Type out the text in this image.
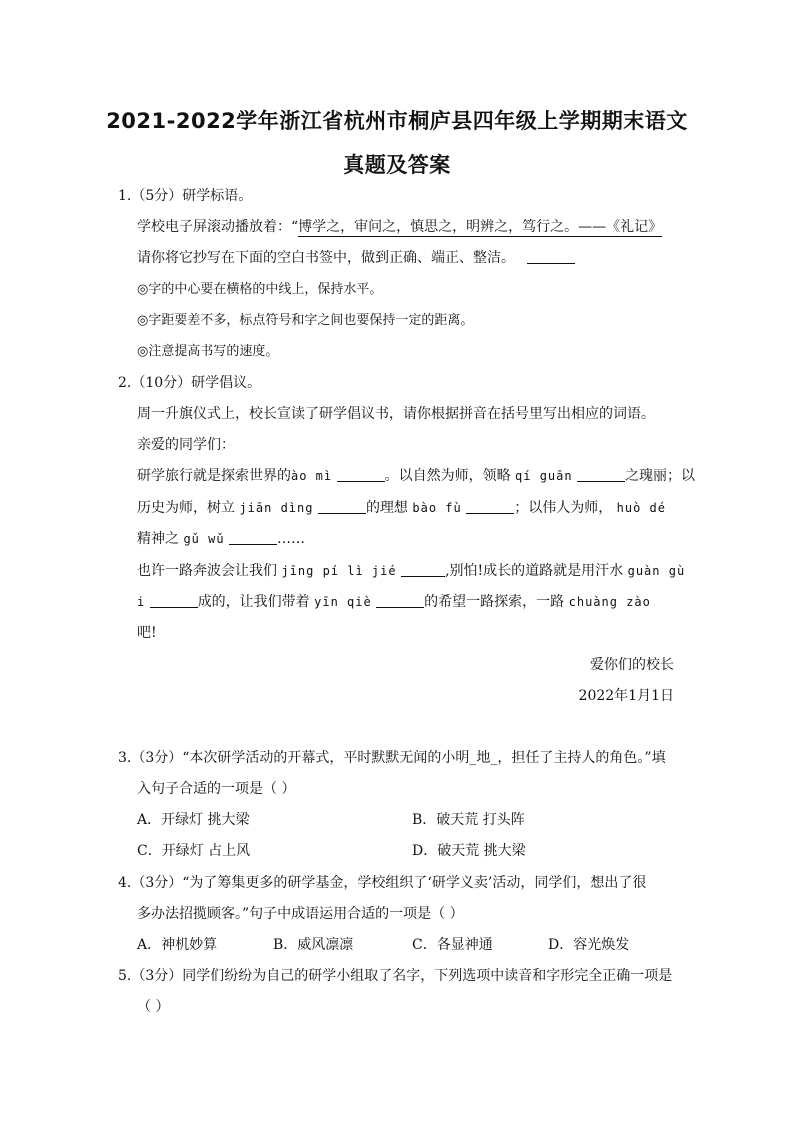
2021-2022学年浙江省杭州市桐庐县四年级上学期期末语文
真题及答案
1.（5分）研学标语。
学校电子屏滚动播放着：“博学之，审问之，慎思之，明辨之，笃行之。——《礼记》
请你将它抄写在下面的空白书签中，做到正确、端正、整洁。
◎字的中心要在横格的中线上，保持水平。
◎字距要差不多，标点符号和字之间也要保持一定的距离。
◎注意提高书写的速度。
2.（10分）研学倡议。
周一升旗仪式上，校长宣读了研学倡议书，请你根据拼音在括号里写出相应的词语。
亲爱的同学们：
研学旅行就是探索世界的ào mì	。以自然为师，领略 qí guān	之瑰丽；以
历史为师，树立 jiān dìng	的理想 bào fù	；以伟人为师， huò dé
精神之 gǔ wǔ	……
也许一路奔波会让我们 jīng pí lì jié	,别怕!成长的道路就是用汗水 guàn gù
i	成的，让我们带着 yīn qiè	的希望一路探索，一路 chuàng zào
吧!
爱你们的校长
2022年1月1日
3.（3分）“本次研学活动的开幕式，平时默默无闻的小明_地_，担任了主持人的角色。”填
入句子合适的一项是（ ）
A．开绿灯 挑大梁	B．破天荒 打头阵
C．开绿灯 占上风	D．破天荒 挑大梁
4.（3分）“为了筹集更多的研学基金，学校组织了‘研学义卖’活动，同学们，想出了很
多办法招揽顾客。”句子中成语运用合适的一项是（ ）
A．神机妙算	B．威风凛凛	C．各显神通	D．容光焕发
5.（3分）同学们纷纷为自己的研学小组取了名字，下列选项中读音和字形完全正确一项是
（ ）
